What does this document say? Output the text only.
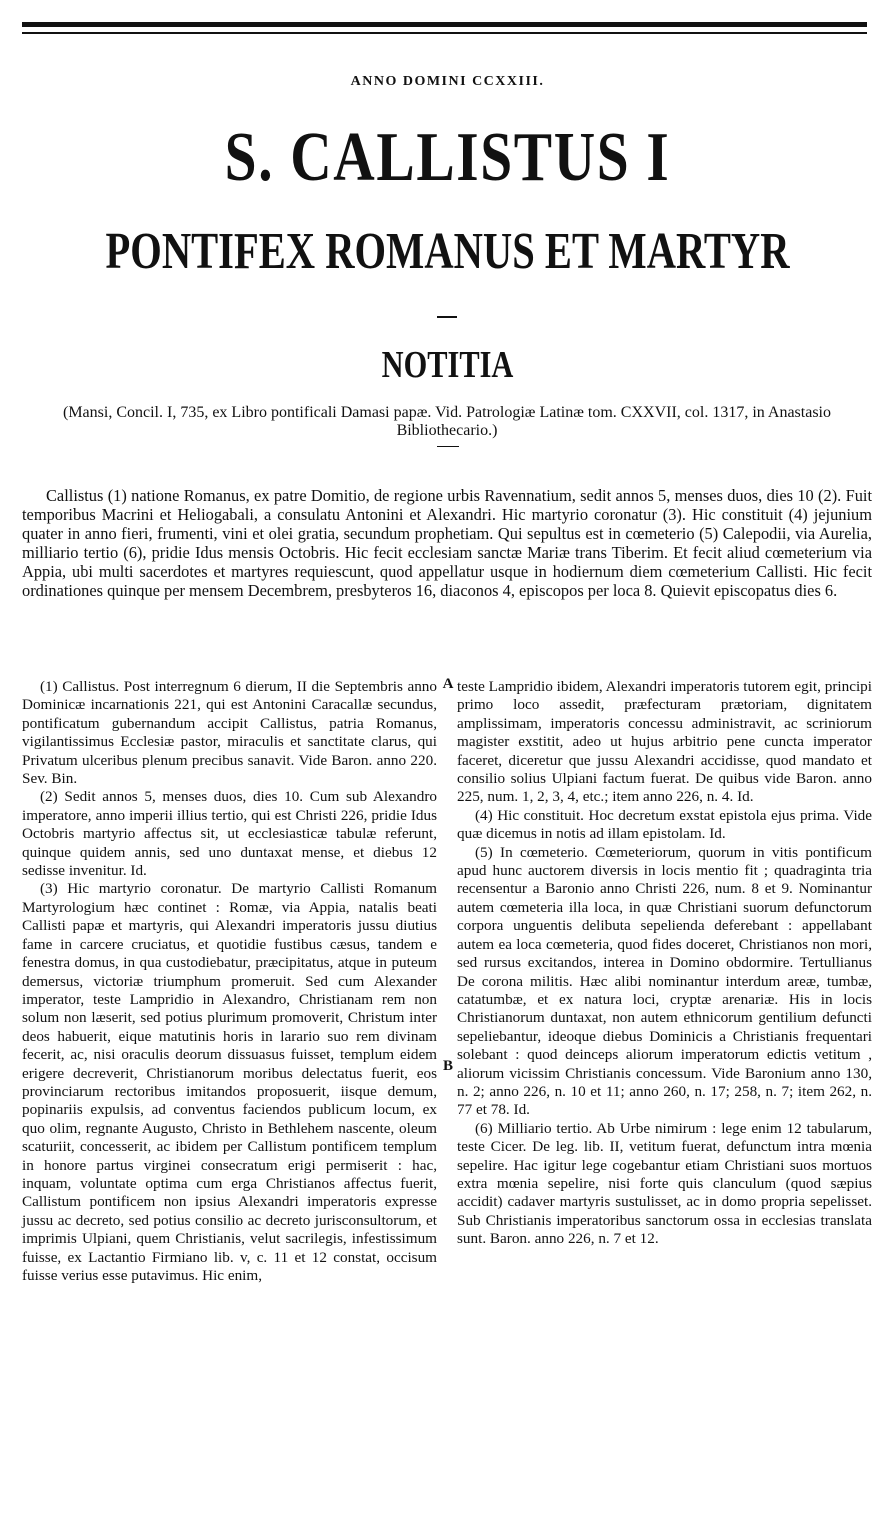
ANNO DOMINI CCXXIII.
S. CALLISTUS I
PONTIFEX ROMANUS ET MARTYR
NOTITIA
(Mansi, Concil. I, 735, ex Libro pontificali Damasi papæ. Vid. Patrologiæ Latinæ tom. CXXVII, col. 1317, in Anastasio Bibliothecario.)
Callistus (1) natione Romanus, ex patre Domitio, de regione urbis Ravennatium, sedit annos 5, menses duos, dies 10 (2). Fuit temporibus Macrini et Heliogabali, a consulatu Antonini et Alexandri. Hic martyrio coronatur (3). Hic constituit (4) jejunium quater in anno fieri, frumenti, vini et olei gratia, secundum prophetiam. Qui sepultus est in cœmeterio (5) Calepodii, via Aurelia, milliario tertio (6), pridie Idus mensis Octobris. Hic fecit ecclesiam sanctæ Mariæ trans Tiberim. Et fecit aliud cœmeterium via Appia, ubi multi sacerdotes et martyres requiescunt, quod appellatur usque in hodiernum diem cœmeterium Callisti. Hic fecit ordinationes quinque per mensem Decembrem, presbyteros 16, diaconos 4, episcopos per loca 8. Quievit episcopatus dies 6.

(1) Callistus. Post interregnum 6 dierum, II die Septembris anno Dominicæ incarnationis 221, qui est Antonini Caracallæ secundus, pontificatum gubernandum accipit Callistus, patria Romanus, vigilantissimus Ecclesiæ pastor, miraculis et sanctitate clarus, qui Privatum ulceribus plenum precibus sanavit. Vide Baron. anno 220. Sev. Bin.

(2) Sedit annos 5, menses duos, dies 10. Cum sub Alexandro imperatore, anno imperii illius tertio, qui est Christi 226, pridie Idus Octobris martyrio affectus sit, ut ecclesiasticæ tabulæ referunt, quinque quidem annis, sed uno duntaxat mense, et diebus 12 sedisse invenitur. Id.

(3) Hic martyrio coronatur. De martyrio Callisti Romanum Martyrologium hæc continet : Romæ, via Appia, natalis beati Callisti papæ et martyris, qui Alexandri imperatoris jussu diutius fame in carcere cruciatus, et quotidie fustibus cæsus, tandem e fenestra domus, in qua custodiebatur, præcipitatus, atque in puteum demersus, victoriæ triumphum promeruit. Sed cum Alexander imperator, teste Lampridio in Alexandro, Christianam rem non solum non læserit, sed potius plurimum promoverit, Christum inter deos habuerit, eique matutinis horis in larario suo rem divinam fecerit, ac, nisi oraculis deorum dissuasus fuisset, templum eidem erigere decreverit, Christianorum moribus delectatus fuerit, eos provinciarum rectoribus imitandos proposuerit, iisque demum, popinariis expulsis, ad conventus faciendos publicum locum, ex quo olim, regnante Augusto, Christo in Bethlehem nascente, oleum scaturiit, concesserit, ac ibidem per Callistum pontificem templum in honore partus virginei consecratum erigi permiserit : hac, inquam, voluntate optima cum erga Christianos affectus fuerit, Callistum pontificem non ipsius Alexandri imperatoris expresse jussu ac decreto, sed potius consilio ac decreto jurisconsultorum, et imprimis Ulpiani, quem Christianis, velut sacrilegis, infestissimum fuisse, ex Lactantio Firmiano lib. v, c. 11 et 12 constat, occisum fuisse verius esse putavimus. Hic enim,

A
B

teste Lampridio ibidem, Alexandri imperatoris tutorem egit, principi primo loco assedit, præfecturam prætoriam, dignitatem amplissimam, imperatoris concessu administravit, ac scriniorum magister exstitit, adeo ut hujus arbitrio pene cuncta imperator faceret, diceretur que jussu Alexandri accidisse, quod mandato et consilio solius Ulpiani factum fuerat. De quibus vide Baron. anno 225, num. 1, 2, 3, 4, etc.; item anno 226, n. 4. Id.

(4) Hic constituit. Hoc decretum exstat epistola ejus prima. Vide quæ dicemus in notis ad illam epistolam. Id.

(5) In cœmeterio. Cœmeteriorum, quorum in vitis pontificum apud hunc auctorem diversis in locis mentio fit ; quadraginta tria recensentur a Baronio anno Christi 226, num. 8 et 9. Nominantur autem cœmeteria illa loca, in quæ Christiani suorum defunctorum corpora unguentis delibuta sepelienda deferebant : appellabant autem ea loca cœmeteria, quod fides doceret, Christianos non mori, sed rursus excitandos, interea in Domino obdormire. Tertullianus De corona militis. Hæc alibi nominantur interdum areæ, tumbæ, catatumbæ, et ex natura loci, cryptæ arenariæ. His in locis Christianorum duntaxat, non autem ethnicorum gentilium defuncti sepeliebantur, ideoque diebus Dominicis a Christianis frequentari solebant : quod deinceps aliorum imperatorum edictis vetitum , aliorum vicissim Christianis concessum. Vide Baronium anno 130, n. 2; anno 226, n. 10 et 11; anno 260, n. 17; 258, n. 7; item 262, n. 77 et 78. Id.

(6) Milliario tertio. Ab Urbe nimirum : lege enim 12 tabularum, teste Cicer. De leg. lib. II, vetitum fuerat, defunctum intra mœnia sepelire. Hac igitur lege cogebantur etiam Christiani suos mortuos extra mœnia sepelire, nisi forte quis clanculum (quod sæpius accidit) cadaver martyris sustulisset, ac in domo propria sepelisset. Sub Christianis imperatoribus sanctorum ossa in ecclesias translata sunt. Baron. anno 226, n. 7 et 12.
